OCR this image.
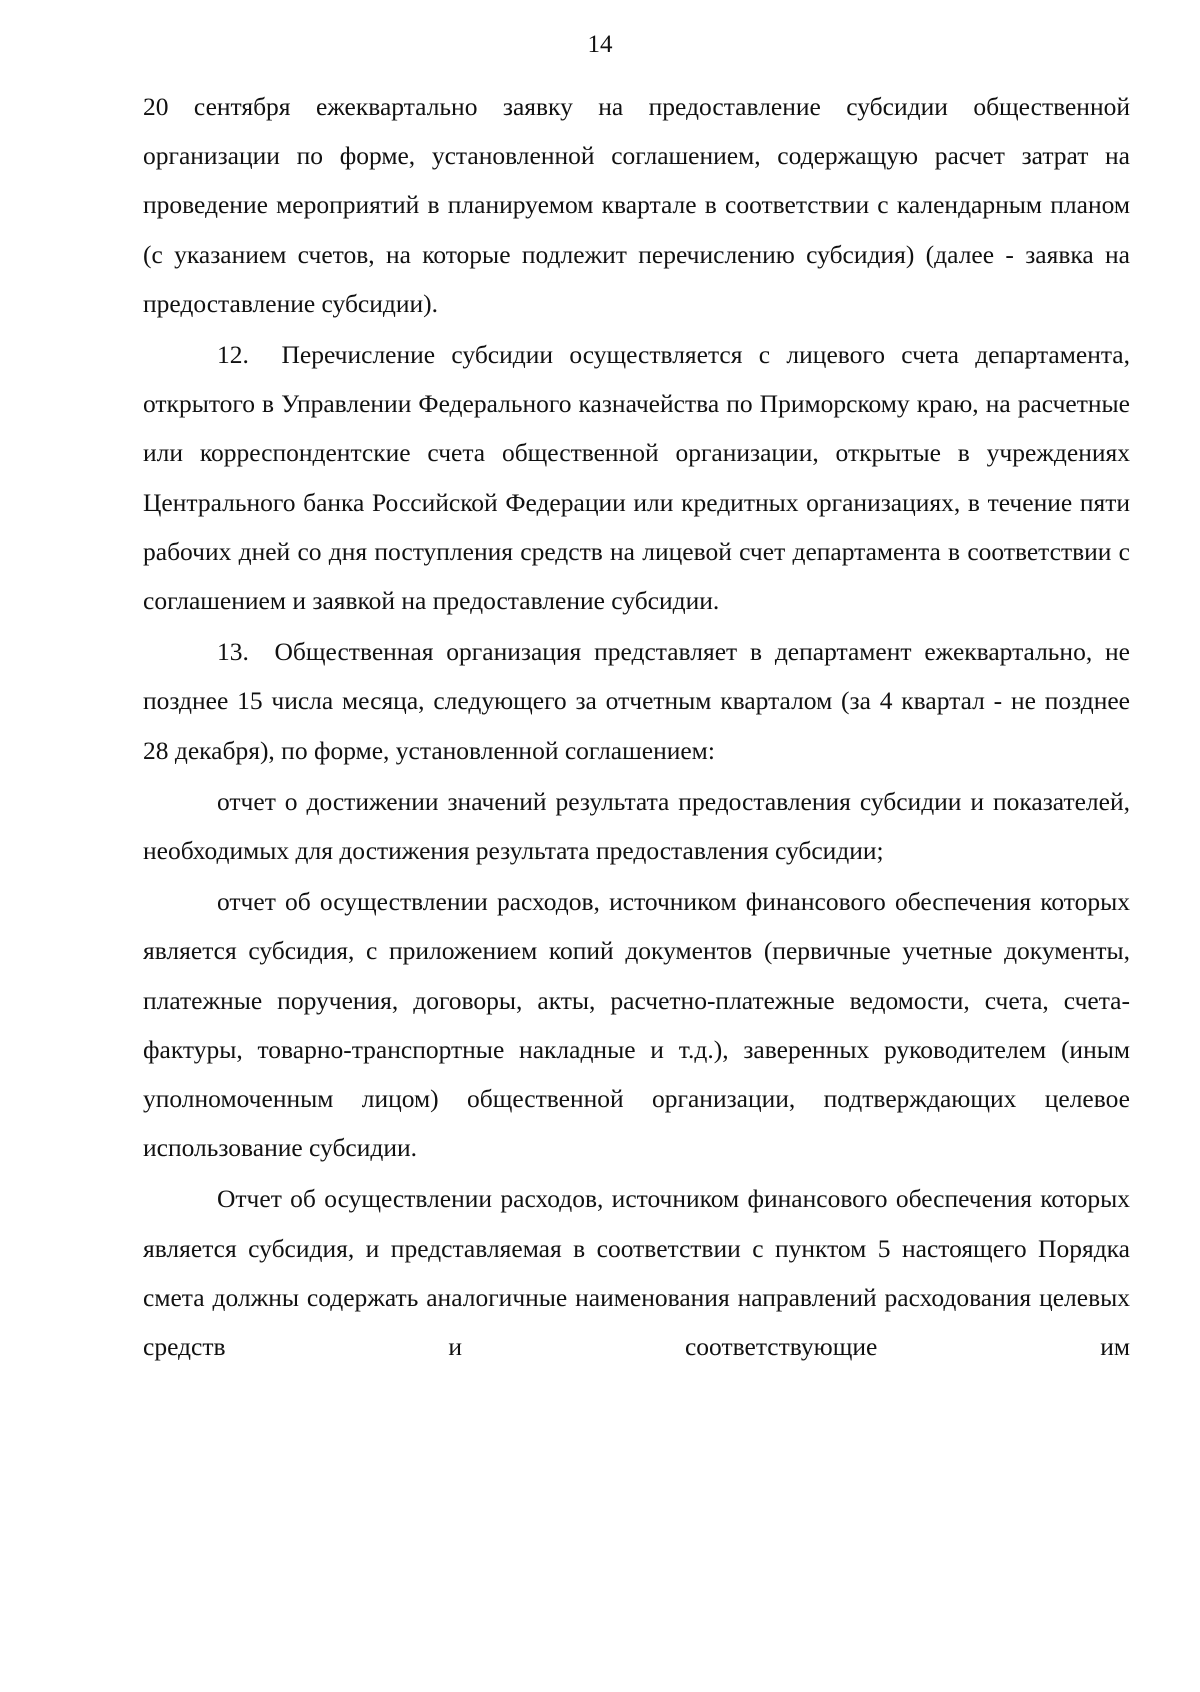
14

20 сентября ежеквартально заявку на предоставление субсидии общественной организации по форме, установленной соглашением, содержащую расчет затрат на проведение мероприятий в планируемом квартале в соответствии с календарным планом (с указанием счетов, на которые подлежит перечислению субсидия) (далее - заявка на предоставление субсидии).

12.  Перечисление субсидии осуществляется с лицевого счета департамента, открытого в Управлении Федерального казначейства по Приморскому краю, на расчетные или корреспондентские счета общественной организации, открытые в учреждениях Центрального банка Российской Федерации или кредитных организациях, в течение пяти рабочих дней со дня поступления средств на лицевой счет департамента в соответствии с соглашением и заявкой на предоставление субсидии.

13.  Общественная организация представляет в департамент ежеквартально, не позднее 15 числа месяца, следующего за отчетным кварталом (за 4 квартал - не позднее 28 декабря), по форме, установленной соглашением:

отчет о достижении значений результата предоставления субсидии и показателей, необходимых для достижения результата предоставления субсидии;

отчет об осуществлении расходов, источником финансового обеспечения которых является субсидия, с приложением копий документов (первичные учетные документы, платежные поручения, договоры, акты, расчетно-платежные ведомости, счета, счета-фактуры, товарно-транспортные накладные и т.д.), заверенных руководителем (иным уполномоченным лицом) общественной организации, подтверждающих целевое использование субсидии.

Отчет об осуществлении расходов, источником финансового обеспечения которых является субсидия, и представляемая в соответствии с пунктом 5 настоящего Порядка смета должны содержать аналогичные наименования направлений расходования целевых средств и соответствующие им
